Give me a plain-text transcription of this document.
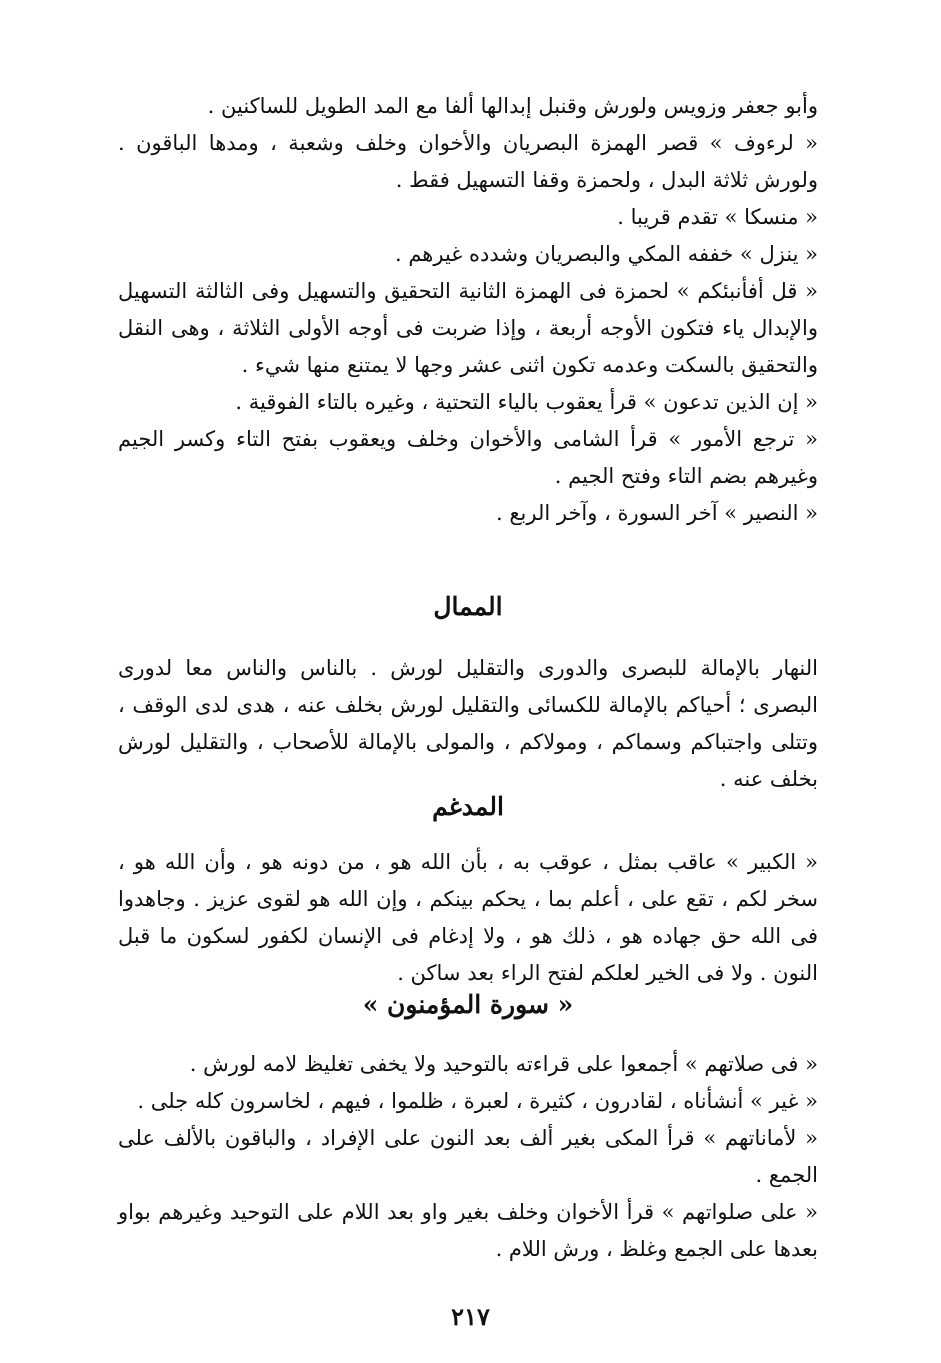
وأبو جعفر وزويس ولورش وقنبل إبدالها ألفا مع المد الطويل للساكنين .

« لرءوف » قصر الهمزة البصريان والأخوان وخلف وشعبة ، ومدها الباقون . ولورش ثلاثة البدل ، ولحمزة وقفا التسهيل فقط .

« منسكا » تقدم قريبا .

« ينزل » خففه المكي والبصريان وشدده غيرهم .

« قل أفأنبئكم » لحمزة فى الهمزة الثانية التحقيق والتسهيل وفى الثالثة التسهيل والإبدال ياء فتكون الأوجه أربعة ، وإذا ضربت فى أوجه الأولى الثلاثة ، وهى النقل والتحقيق بالسكت وعدمه تكون اثنى عشر وجها لا يمتنع منها شيء .

« إن الذين تدعون » قرأ يعقوب بالياء التحتية ، وغيره بالتاء الفوقية .

« ترجع الأمور » قرأ الشامى والأخوان وخلف ويعقوب بفتح التاء وكسر الجيم وغيرهم بضم التاء وفتح الجيم .

« النصير » آخر السورة ، وآخر الربع .

الممال

النهار بالإمالة للبصرى والدورى والتقليل لورش . بالناس والناس معا لدورى البصرى ؛ أحياكم بالإمالة للكسائى والتقليل لورش بخلف عنه ، هدى لدى الوقف ، وتتلى واجتباكم وسماكم ، ومولاكم ، والمولى بالإمالة للأصحاب ، والتقليل لورش بخلف عنه .

المدغم

« الكبير » عاقب بمثل ، عوقب به ، بأن الله هو ، من دونه هو ، وأن الله هو ، سخر لكم ، تقع على ، أعلم بما ، يحكم بينكم ، وإن الله هو لقوى عزيز . وجاهدوا فى الله حق جهاده هو ، ذلك هو ، ولا إدغام فى الإنسان لكفور لسكون ما قبل النون . ولا فى الخير لعلكم لفتح الراء بعد ساكن .

« سورة المؤمنون »

« فى صلاتهم » أجمعوا على قراءته بالتوحيد ولا يخفى تغليظ لامه لورش .

« غير » أنشأناه ، لقادرون ، كثيرة ، لعبرة ، ظلموا ، فيهم ، لخاسرون كله جلى .

« لأماناتهم » قرأ المكى بغير ألف بعد النون على الإفراد ، والباقون بالألف على الجمع .

« على صلواتهم » قرأ الأخوان وخلف بغير واو بعد اللام على التوحيد وغيرهم بواو بعدها على الجمع وغلظ ، ورش اللام .

٢١٧
